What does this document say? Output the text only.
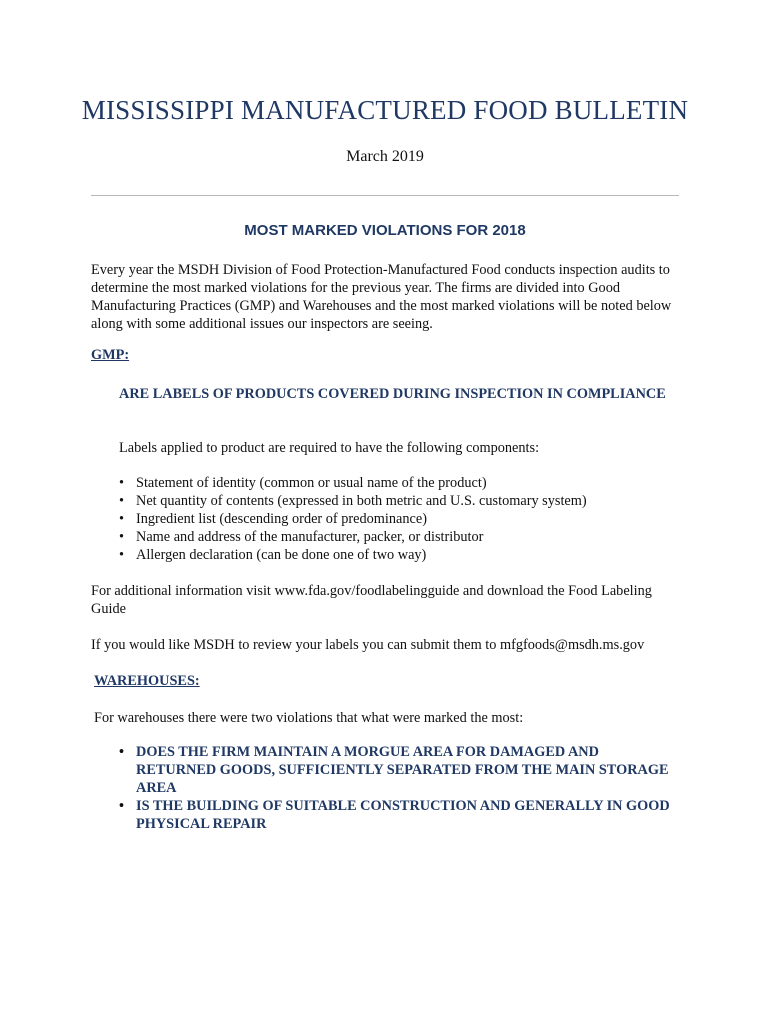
MISSISSIPPI MANUFACTURED FOOD BULLETIN
March 2019
MOST MARKED VIOLATIONS FOR 2018
Every year the MSDH Division of Food Protection-Manufactured Food conducts inspection audits to determine the most marked violations for the previous year. The firms are divided into Good Manufacturing Practices (GMP) and Warehouses and the most marked violations will be noted below along with some additional issues our inspectors are seeing.
GMP:
ARE LABELS OF PRODUCTS COVERED DURING INSPECTION IN COMPLIANCE
Labels applied to product are required to have the following components:
• Statement of identity (common or usual name of the product)
• Net quantity of contents (expressed in both metric and U.S. customary system)
• Ingredient list (descending order of predominance)
• Name and address of the manufacturer, packer, or distributor
• Allergen declaration (can be done one of two way)
For additional information visit www.fda.gov/foodlabelingguide and download the Food Labeling Guide
If you would like MSDH to review your labels you can submit them to mfgfoods@msdh.ms.gov
WAREHOUSES:
For warehouses there were two violations that what were marked the most:
• DOES THE FIRM MAINTAIN A MORGUE AREA FOR DAMAGED AND RETURNED GOODS, SUFFICIENTLY SEPARATED FROM THE MAIN STORAGE AREA
• IS THE BUILDING OF SUITABLE CONSTRUCTION AND GENERALLY IN GOOD PHYSICAL REPAIR
